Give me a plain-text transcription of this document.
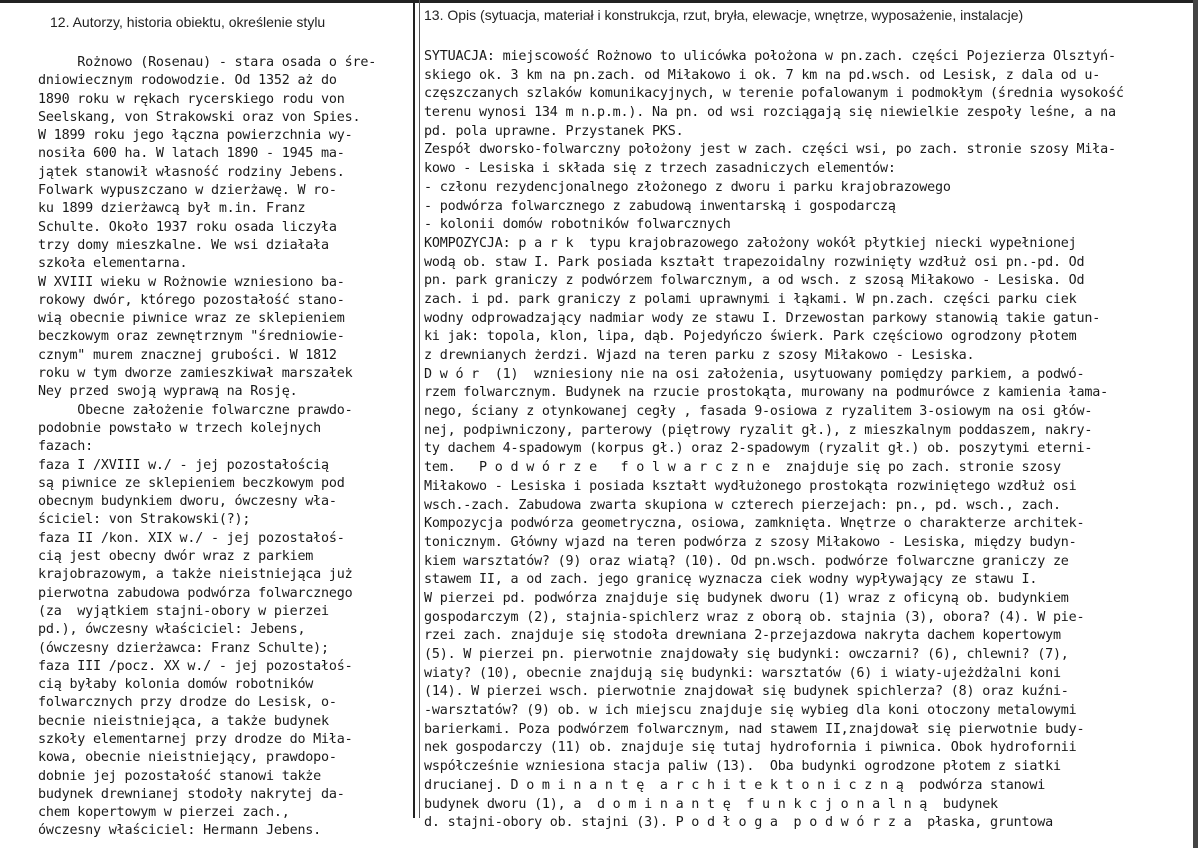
12. Autorzy, historia obiektu, określenie stylu	13. Opis (sytuacja, materiał i konstrukcja, rzut, bryła, elewacje, wnętrze, wyposażenie, instalacje)
Rożnowo (Rosenau) - stara osada o śre-
dniowiecznym rodowodzie. Od 1352 aż do
1890 roku w rękach rycerskiego rodu von
Seelskang, von Strakowski oraz von Spies.
W 1899 roku jego łączna powierzchnia wy-
nosiła 600 ha. W latach 1890 - 1945 ma-
jątek stanowił własność rodziny Jebens.
Folwark wypuszczano w dzierżawę. W ro-
ku 1899 dzierżawcą był m.in. Franz
Schulte. Około 1937 roku osada liczyła
trzy domy mieszkalne. We wsi działała
szkoła elementarna.
W XVIII wieku w Rożnowie wzniesiono ba-
rokowy dwór, którego pozostałość stano-
wią obecnie piwnice wraz ze sklepieniem
beczkowym oraz zewnętrznym "średniowie-
cznym" murem znacznej grubości. W 1812
roku w tym dworze zamieszkiwał marszałek
Ney przed swoją wyprawą na Rosję.
Obecne założenie folwarczne prawdo-
podobnie powstało w trzech kolejnych
fazach:
faza I /XVIII w./ - jej pozostałością
są piwnice ze sklepieniem beczkowym pod
obecnym budynkiem dworu, ówczesny wła-
ściciel: von Strakowski(?);
faza II /kon. XIX w./ - jej pozostałoś-
cią jest obecny dwór wraz z parkiem
krajobrazowym, a także nieistniejąca już
pierwotna zabudowa podwórza folwarcznego
(za  wyjątkiem stajni-obory w pierzei
pd.), ówczesny właściciel: Jebens,
(ówczesny dzierżawca: Franz Schulte);
faza III /pocz. XX w./ - jej pozostałoś-
cią byłaby kolonia domów robotników
folwarcznych przy drodze do Lesisk, o-
becnie nieistniejąca, a także budynek
szkoły elementarnej przy drodze do Miła-
kowa, obecnie nieistniejący, prawdopo-
dobnie jej pozostałość stanowi także
budynek drewnianej stodoły nakrytej da-
chem kopertowym w pierzei zach.,
ówczesny właściciel: Hermann Jebens.
SYTUACJA: miejscowość Rożnowo to ulicówka położona w pn.zach. części Pojezierza Olsztyń-
skiego ok. 3 km na pn.zach. od Miłakowo i ok. 7 km na pd.wsch. od Lesisk, z dala od u-
częszczanych szlaków komunikacyjnych, w terenie pofalowanym i podmokłym (średnia wysokość
terenu wynosi 134 m n.p.m.). Na pn. od wsi rozciągają się niewielkie zespoły leśne, a na
pd. pola uprawne. Przystanek PKS.
Zespół dworsko-folwarczny położony jest w zach. części wsi, po zach. stronie szosy Miła-
kowo - Lesiska i składa się z trzech zasadniczych elementów:
- członu rezydencjonalnego złożonego z dworu i parku krajobrazowego
- podwórza folwarcznego z zabudową inwentarską i gospodarczą
- kolonii domów robotników folwarcznych
KOMPOZYCJA: p a r k  typu krajobrazowego założony wokół płytkiej niecki wypełnionej
wodą ob. staw I. Park posiada kształt trapezoidalny rozwinięty wzdłuż osi pn.-pd. Od
pn. park graniczy z podwórzem folwarcznym, a od wsch. z szosą Miłakowo - Lesiska. Od
zach. i pd. park graniczy z polami uprawnymi i łąkami. W pn.zach. części parku ciek
wodny odprowadzający nadmiar wody ze stawu I. Drzewostan parkowy stanowią takie gatun-
ki jak: topola, klon, lipa, dąb. Pojedyńczo świerk. Park częściowo ogrodzony płotem
z drewnianych żerdzi. Wjazd na teren parku z szosy Miłakowo - Lesiska.
D w ó r  (1)  wzniesiony nie na osi założenia, usytuowany pomiędzy parkiem, a podwó-
rzem folwarcznym. Budynek na rzucie prostokąta, murowany na podmurówce z kamienia łama-
nego, ściany z otynkowanej cegły , fasada 9-osiowa z ryzalitem 3-osiowym na osi głów-
nej, podpiwniczony, parterowy (piętrowy ryzalit gł.), z mieszkalnym poddaszem, nakry-
ty dachem 4-spadowym (korpus gł.) oraz 2-spadowym (ryzalit gł.) ob. poszytymi eterni-
tem.   P o d w ó r z e   f o l w a r c z n e  znajduje się po zach. stronie szosy
Miłakowo - Lesiska i posiada kształt wydłużonego prostokąta rozwiniętego wzdłuż osi
wsch.-zach. Zabudowa zwarta skupiona w czterech pierzejach: pn., pd. wsch., zach.
Kompozycja podwórza geometryczna, osiowa, zamknięta. Wnętrze o charakterze architek-
tonicznym. Główny wjazd na teren podwórza z szosy Miłakowo - Lesiska, między budyn-
kiem warsztatów? (9) oraz wiatą? (10). Od pn.wsch. podwórze folwarczne graniczy ze
stawem II, a od zach. jego granicę wyznacza ciek wodny wypływający ze stawu I.
W pierzei pd. podwórza znajduje się budynek dworu (1) wraz z oficyną ob. budynkiem
gospodarczym (2), stajnia-spichlerz wraz z oborą ob. stajnia (3), obora? (4). W pie-
rzei zach. znajduje się stodoła drewniana 2-przejazdowa nakryta dachem kopertowym
(5). W pierzei pn. pierwotnie znajdowały się budynki: owczarni? (6), chlewni? (7),
wiaty? (10), obecnie znajdują się budynki: warsztatów (6) i wiaty-ujeżdżalni koni
(14). W pierzei wsch. pierwotnie znajdował się budynek spichlerza? (8) oraz kuźni-
-warsztatów? (9) ob. w ich miejscu znajduje się wybieg dla koni otoczony metalowymi
barierkami. Poza podwórzem folwarcznym, nad stawem II,znajdował się pierwotnie budy-
nek gospodarczy (11) ob. znajduje się tutaj hydrofornia i piwnica. Obok hydrofornii
współcześnie wzniesiona stacja paliw (13).  Oba budynki ogrodzone płotem z siatki
drucianej. D o m i n a n t ę  a r c h i t e k t o n i c z n ą  podwórza stanowi
budynek dworu (1), a  d o m i n a n t ę  f u n k c j o n a l n ą  budynek
d. stajni-obory ob. stajni (3). P o d ł o g a  p o d w ó r z a  płaska, gruntowa
